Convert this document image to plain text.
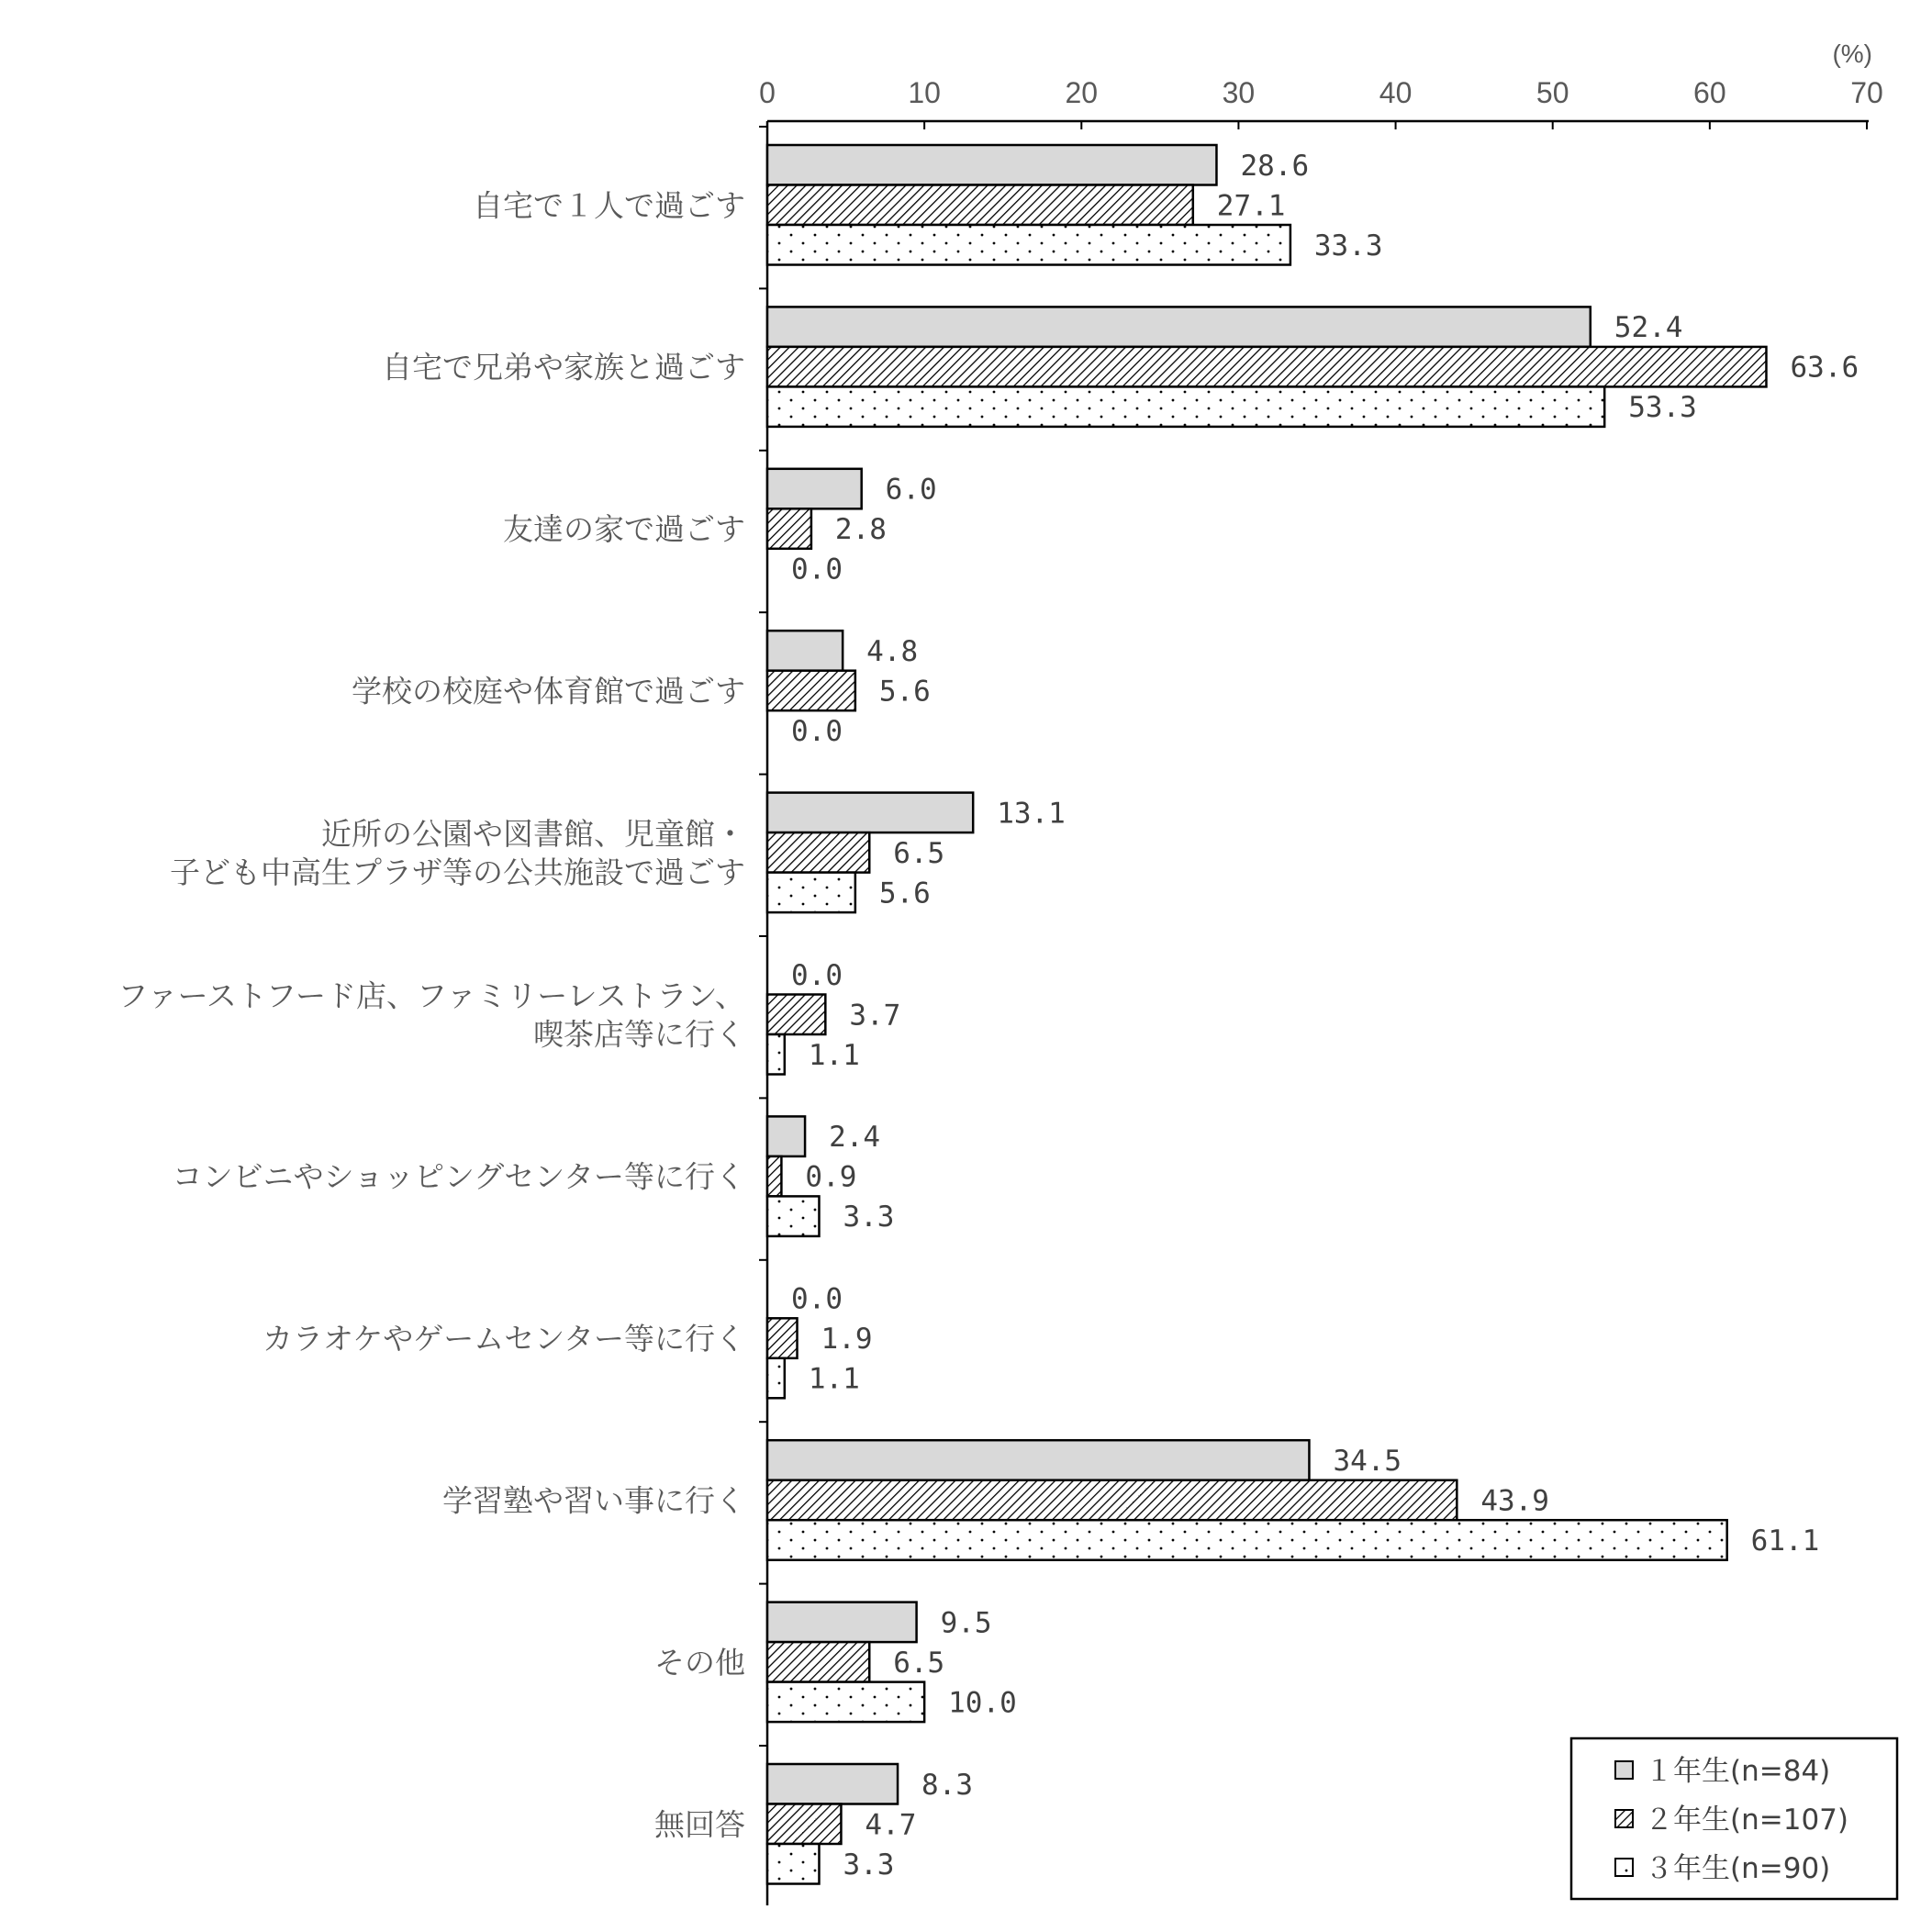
0	10	20	30	40	50	60	70
(%)
自宅で１人で過ごす
28.6
27.1
33.3
自宅で兄弟や家族と過ごす
52.4
63.6
53.3
友達の家で過ごす
6.0
2.8
0.0
学校の校庭や体育館で過ごす
4.8
5.6
0.0
近所の公園や図書館、児童館・
子ども中高生プラザ等の公共施設で過ごす
13.1
6.5
5.6
ファーストフード店、ファミリーレストラン、
喫茶店等に行く
0.0
3.7
1.1
コンビニやショッピングセンター等に行く
2.4
0.9
3.3
カラオケやゲームセンター等に行く
0.0
1.9
1.1
学習塾や習い事に行く
34.5
43.9
61.1
その他
9.5
6.5
10.0
無回答
8.3
4.7
3.3
１年生(n=84)
２年生(n=107)
３年生(n=90)
